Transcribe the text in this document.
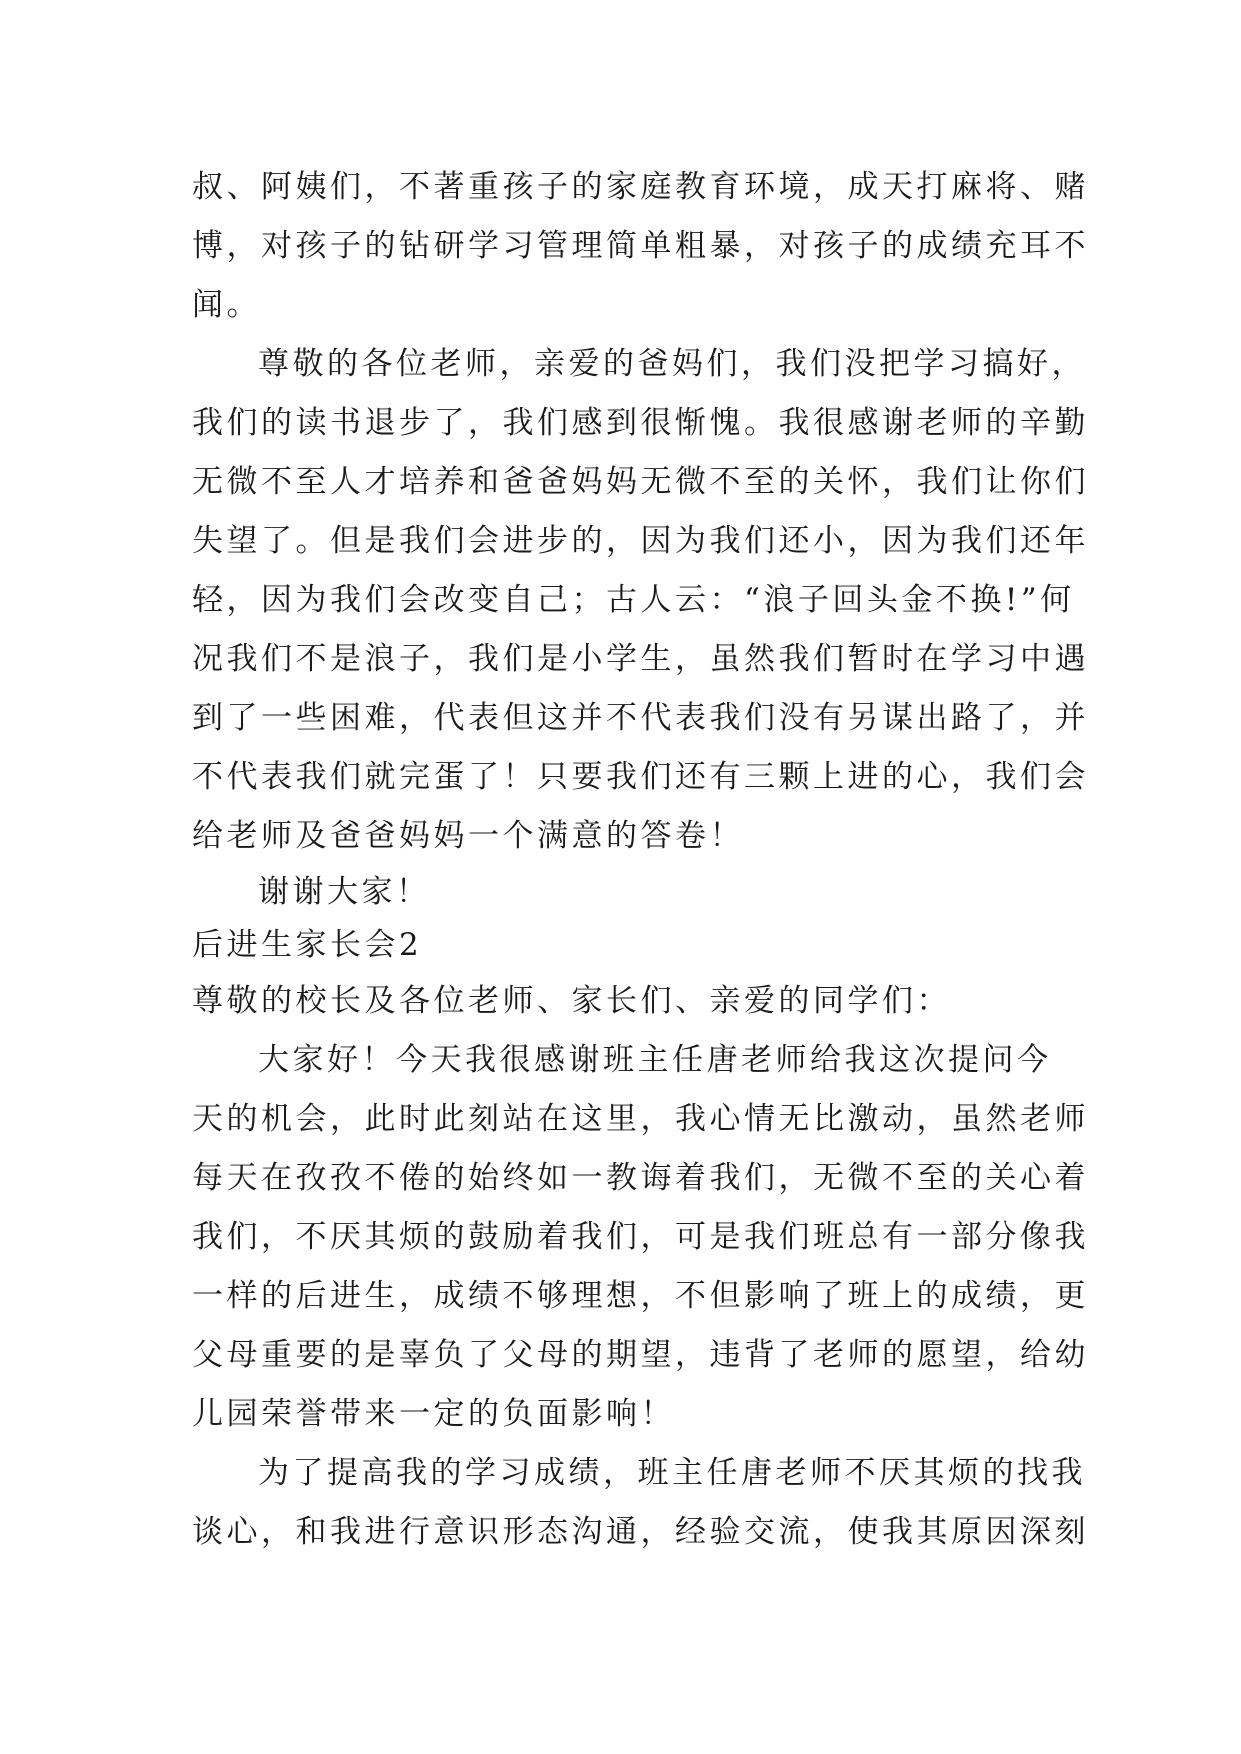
叔、阿姨们，不著重孩子的家庭教育环境，成天打麻将、赌
博，对孩子的钻研学习管理简单粗暴，对孩子的成绩充耳不
闻。
尊敬的各位老师，亲爱的爸妈们，我们没把学习搞好，
我们的读书退步了，我们感到很惭愧。我很感谢老师的辛勤
无微不至人才培养和爸爸妈妈无微不至的关怀，我们让你们
失望了。但是我们会进步的，因为我们还小，因为我们还年
轻，因为我们会改变自己；古人云：“浪子回头金不换!”何
况我们不是浪子，我们是小学生，虽然我们暂时在学习中遇
到了一些困难，代表但这并不代表我们没有另谋出路了，并
不代表我们就完蛋了！只要我们还有三颗上进的心，我们会
给老师及爸爸妈妈一个满意的答卷！
谢谢大家！
后进生家长会2
尊敬的校长及各位老师、家长们、亲爱的同学们：
大家好！今天我很感谢班主任唐老师给我这次提问今
天的机会，此时此刻站在这里，我心情无比激动，虽然老师
每天在孜孜不倦的始终如一教诲着我们，无微不至的关心着
我们，不厌其烦的鼓励着我们，可是我们班总有一部分像我
一样的后进生，成绩不够理想，不但影响了班上的成绩，更
父母重要的是辜负了父母的期望，违背了老师的愿望，给幼
儿园荣誉带来一定的负面影响！
为了提高我的学习成绩，班主任唐老师不厌其烦的找我
谈心，和我进行意识形态沟通，经验交流，使我其原因深刻
